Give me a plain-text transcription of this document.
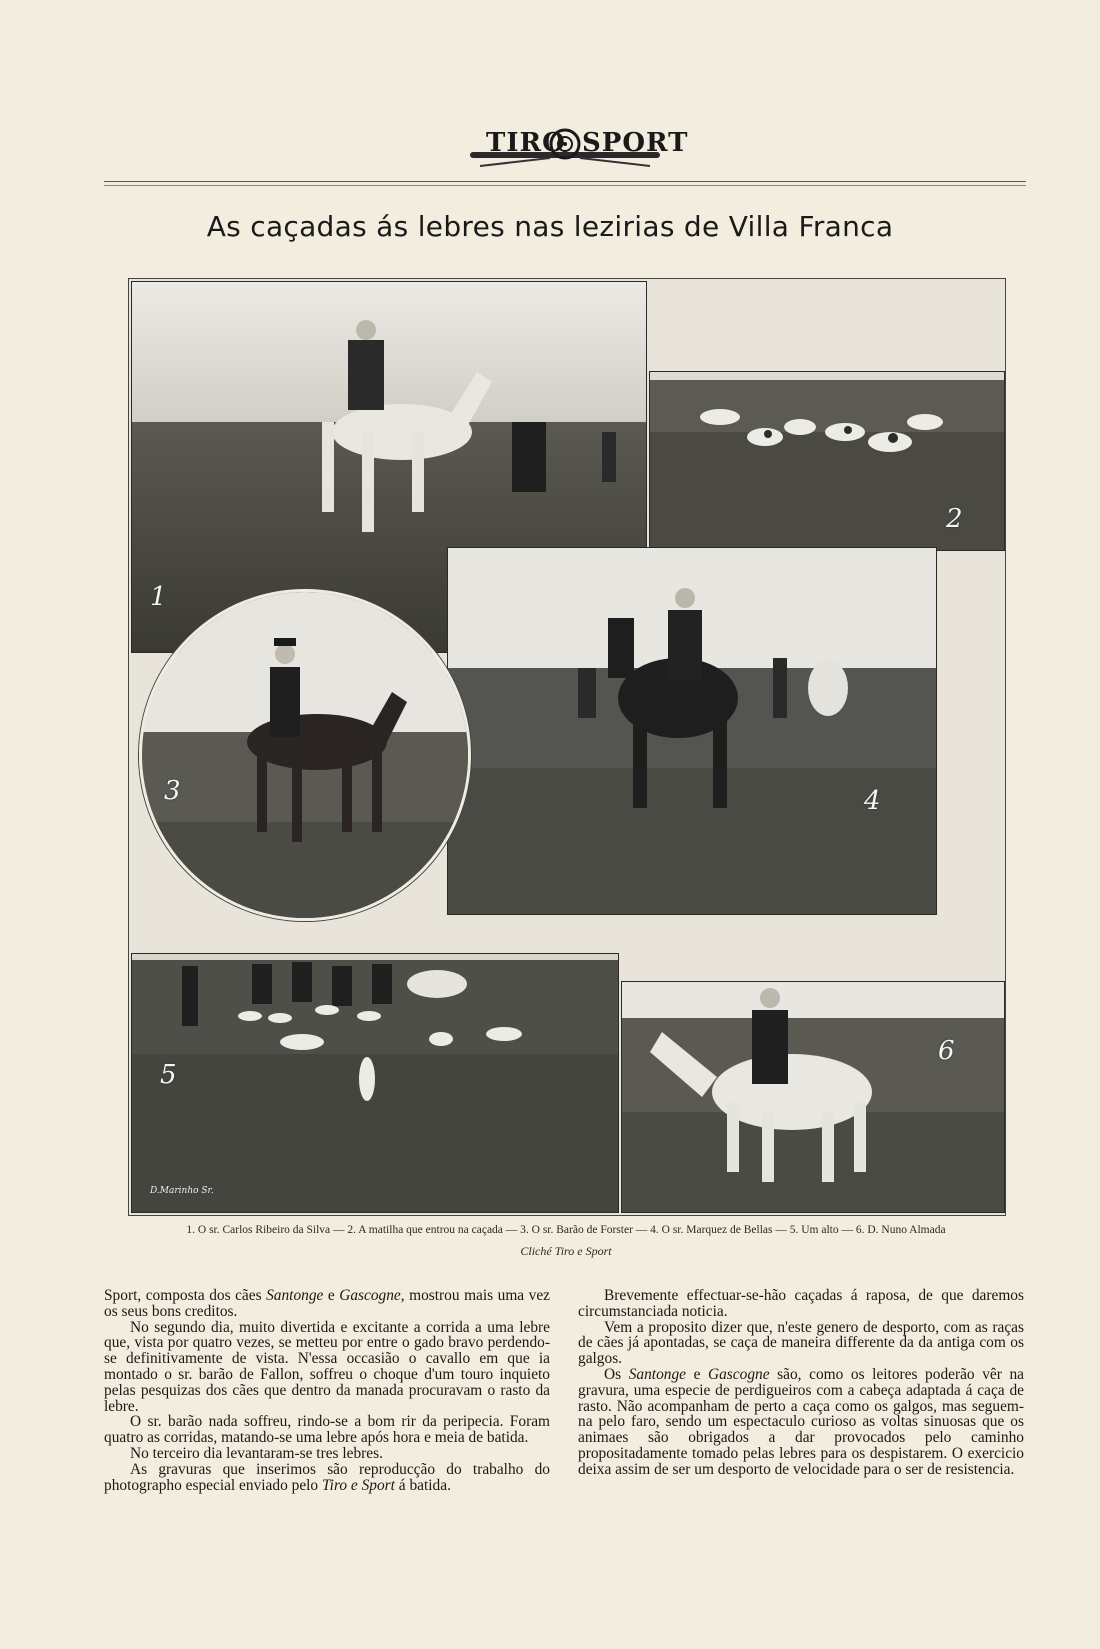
TIRO SPORT
As caçadas ás lebres nas lezirias de Villa Franca
1
2
4
3
5
D.Marinho Sr.
6
1. O sr. Carlos Ribeiro da Silva — 2. A matilha que entrou na caçada — 3. O sr. Barão de Forster — 4. O sr. Marquez de Bellas — 5. Um alto — 6. D. Nuno Almada
Cliché Tiro e Sport

Sport, composta dos cães Santonge e Gascogne, mostrou mais uma vez os seus bons creditos.

No segundo dia, muito divertida e excitante a corrida a uma lebre que, vista por quatro vezes, se metteu por entre o gado bravo perdendo-se definitivamente de vista. N'essa occasião o cavallo em que ia montado o sr. barão de Fallon, soffreu o choque d'um touro inquieto pelas pesquizas dos cães que dentro da manada procuravam o rasto da lebre.

O sr. barão nada soffreu, rindo-se a bom rir da peripecia. Foram quatro as corridas, matando-se uma lebre após hora e meia de batida.

No terceiro dia levantaram-se tres lebres.

As gravuras que inserimos são reproducção do trabalho do photographo especial enviado pelo Tiro e Sport á batida.

Brevemente effectuar-se-hão caçadas á raposa, de que daremos circumstanciada noticia.

Vem a proposito dizer que, n'este genero de desporto, com as raças de cães já apontadas, se caça de maneira differente da da antiga com os galgos.

Os Santonge e Gascogne são, como os leitores poderão vêr na gravura, uma especie de perdigueiros com a cabeça adaptada á caça de rasto. Não acompanham de perto a caça como os galgos, mas seguem-na pelo faro, sendo um espectaculo curioso as voltas sinuosas que os animaes são obrigados a dar provocados pelo caminho propositadamente tomado pelas lebres para os despistarem. O exercicio deixa assim de ser um desporto de velocidade para o ser de resistencia.
